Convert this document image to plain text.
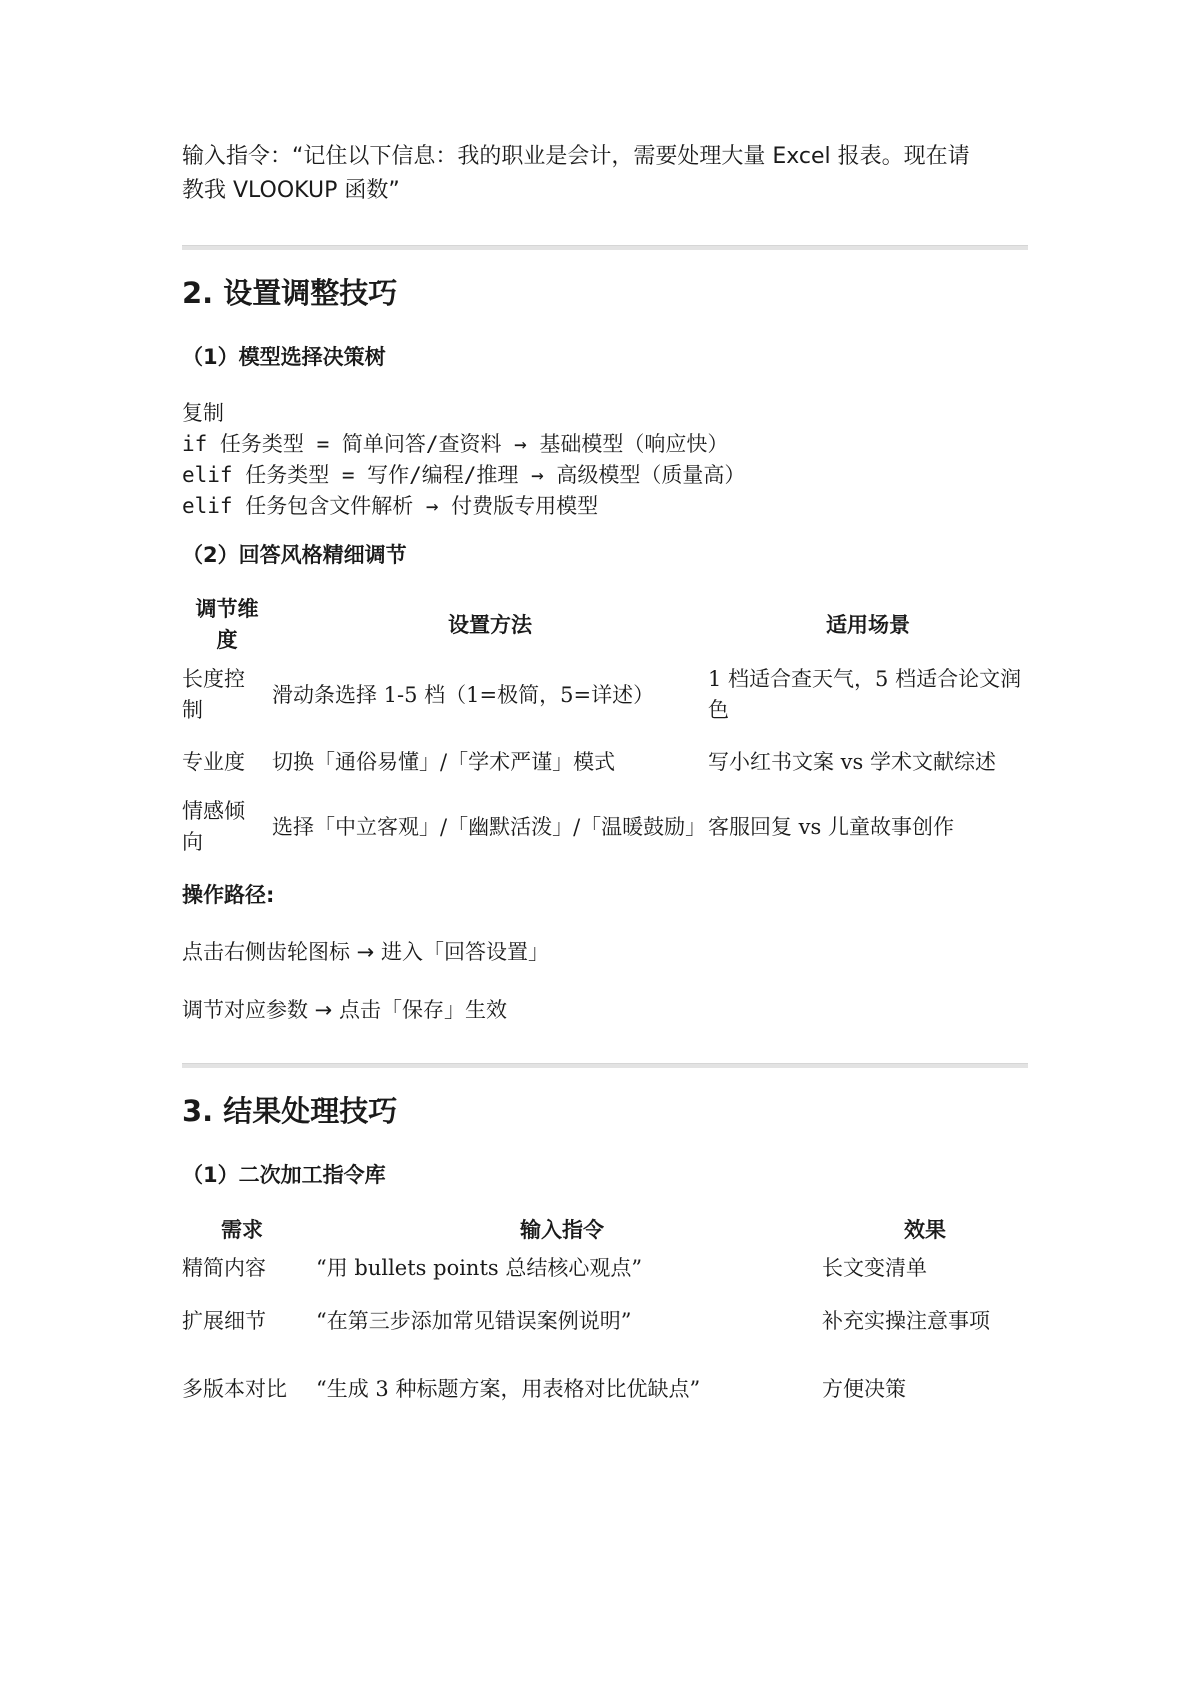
输入指令：“记住以下信息：我的职业是会计，需要处理大量 Excel 报表。现在请

教我 VLOOKUP 函数”

2. 设置调整技巧
（1）模型选择决策树
复制

if 任务类型 = 简单问答/查资料 → 基础模型（响应快）

elif 任务类型 = 写作/编程/推理 → 高级模型（质量高）

elif 任务包含文件解析 → 付费版专用模型

（2）回答风格精细调节
调节维度	设置方法	适用场景
长度控制	滑动条选择 1-5 档（1=极简，5=详述）	1 档适合查天气，5 档适合论文润色
专业度	切换「通俗易懂」/「学术严谨」模式	写小红书文案 vs 学术文献综述
情感倾向	选择「中立客观」/「幽默活泼」/「温暖鼓励」	客服回复 vs 儿童故事创作

操作路径:

点击右侧齿轮图标 → 进入「回答设置」

调节对应参数 → 点击「保存」生效

3. 结果处理技巧
（1）二次加工指令库
需求	输入指令	效果
精简内容	“用 bullets points 总结核心观点”	长文变清单
扩展细节	“在第三步添加常见错误案例说明”	补充实操注意事项
多版本对比	“生成 3 种标题方案，用表格对比优缺点”	方便决策
